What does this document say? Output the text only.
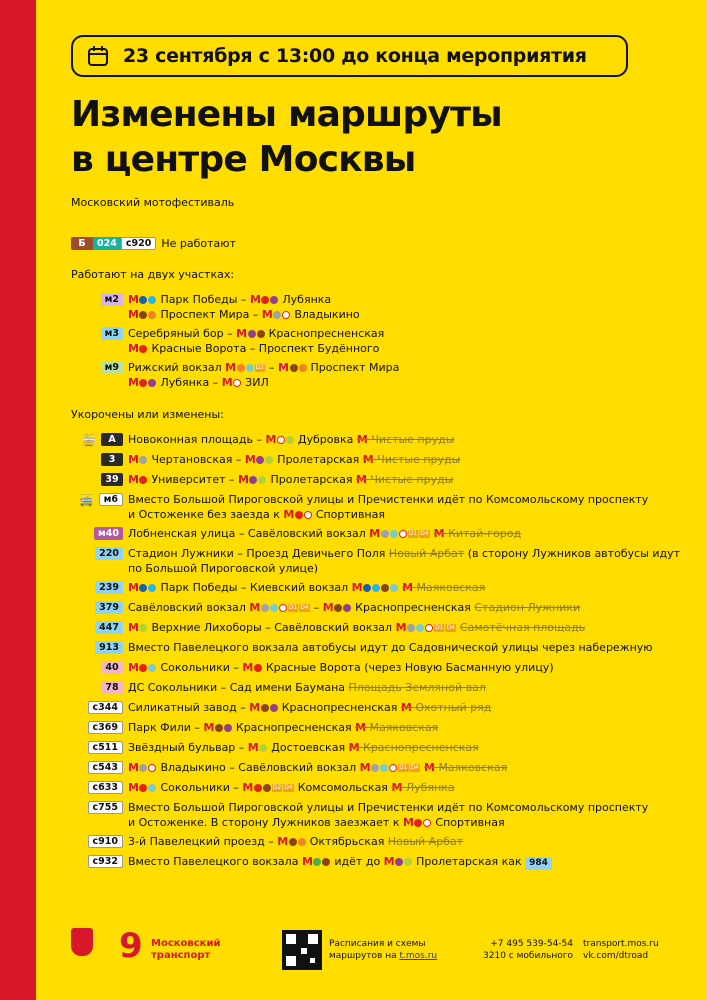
23 сентября с 13:00 до конца мероприятия
Изменены маршруты
в центре Москвы
Московский мотофестиваль
Б	024 с920 Не работают
Работают на двух участках:
м2 M Парк Победы – M Лубянка
M Проспект Мира – M Владыкино
м3 Серебряный бор – M Краснопресненская
M Красные Ворота – Проспект Будённого
м9 Рижский вокзал M	D2 – M Проспект Мира
M Лубянка – M ЗИЛ
Укорочены или изменены:
🚋	А	Новоконная площадь – M Дубровка M Чистые пруды
3	M Чертановская – M Пролетарская M Чистые пруды
39 M Университет – M Пролетарская M Чистые пруды
🚎	м6 Вместо Большой Пироговской улицы и Пречистенки идёт по Комсомольскому проспекту
и Остоженке без заезда к M Спортивная
м40 Лобненская улица – Савёловский вокзал M	D1 D4 M Китай-город
220 Стадион Лужники – Проезд Девичьего Поля Новый Арбат (в сторону Лужников автобусы идут
по Большой Пироговской улице)
239 M Парк Победы – Киевский вокзал M	M Маяковская
379 Савёловский вокзал M	D1 D4 – M Краснопресненская Стадион Лужники
447 M Верхние Лихоборы – Савёловский вокзал M	D1 D4 Самотёчная площадь
913 Вместо Павелецкого вокзала автобусы идут до Садовнической улицы через набережную
40 M Сокольники – M Красные Ворота (через Новую Басманную улицу)
78 ДС Сокольники – Сад имени Баумана Площадь Земляной вал
с344 Силикатный завод – M Краснопресненская M Охотный ряд
с369 Парк Фили – M Краснопресненская M Маяковская
с511 Звёздный бульвар – M Достоевская M Краснопресненская
с543 M Владыкино – Савёловский вокзал M	D1 D4 M Маяковская
с633 M Сокольники – M	D2 D4 Комсомольская M Лубянка
с755 Вместо Большой Пироговской улицы и Пречистенки идёт по Комсомольскому проспекту
и Остоженке. В сторону Лужников заезжает к M Спортивная
с910 3-й Павелецкий проезд – M Октябрьская Новый Арбат
с932 Вместо Павелецкого вокзала M идёт до M Пролетарская как 984
9 Московский транспорт
Расписания и схемы
маршрутов на t.mos.ru
+7 495 539-54-54
3210 с мобильного
transport.mos.ru
vk.com/dtroad
